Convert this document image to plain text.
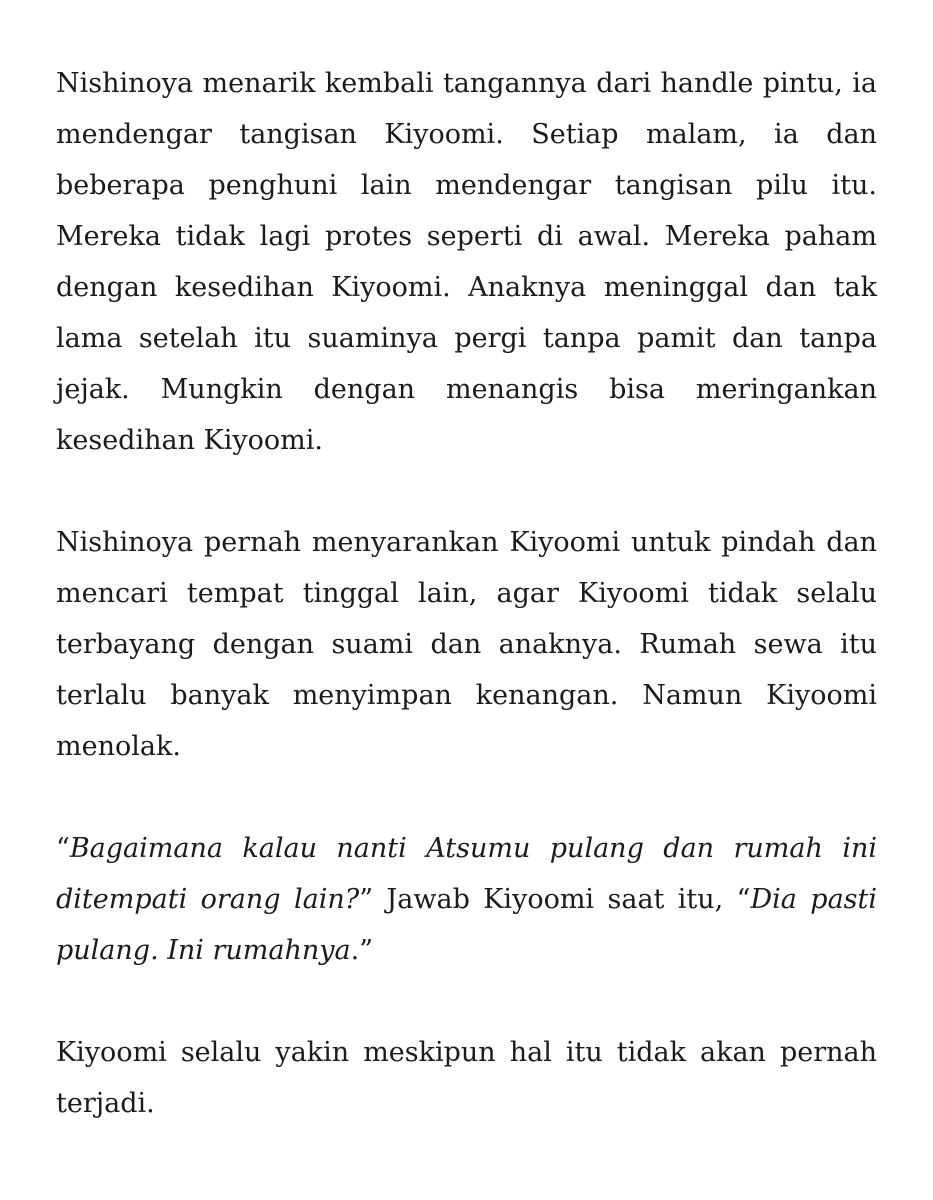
Nishinoya menarik kembali tangannya dari handle pintu, ia mendengar tangisan Kiyoomi. Setiap malam, ia dan beberapa penghuni lain mendengar tangisan pilu itu. Mereka tidak lagi protes seperti di awal. Mereka paham dengan kesedihan Kiyoomi. Anaknya meninggal dan tak lama setelah itu suaminya pergi tanpa pamit dan tanpa jejak. Mungkin dengan menangis bisa meringankan kesedihan Kiyoomi.

Nishinoya pernah menyarankan Kiyoomi untuk pindah dan mencari tempat tinggal lain, agar Kiyoomi tidak selalu terbayang dengan suami dan anaknya. Rumah sewa itu terlalu banyak menyimpan kenangan. Namun Kiyoomi menolak.

“Bagaimana kalau nanti Atsumu pulang dan rumah ini ditempati orang lain?” Jawab Kiyoomi saat itu, “Dia pasti pulang. Ini rumahnya.”

Kiyoomi selalu yakin meskipun hal itu tidak akan pernah terjadi.
